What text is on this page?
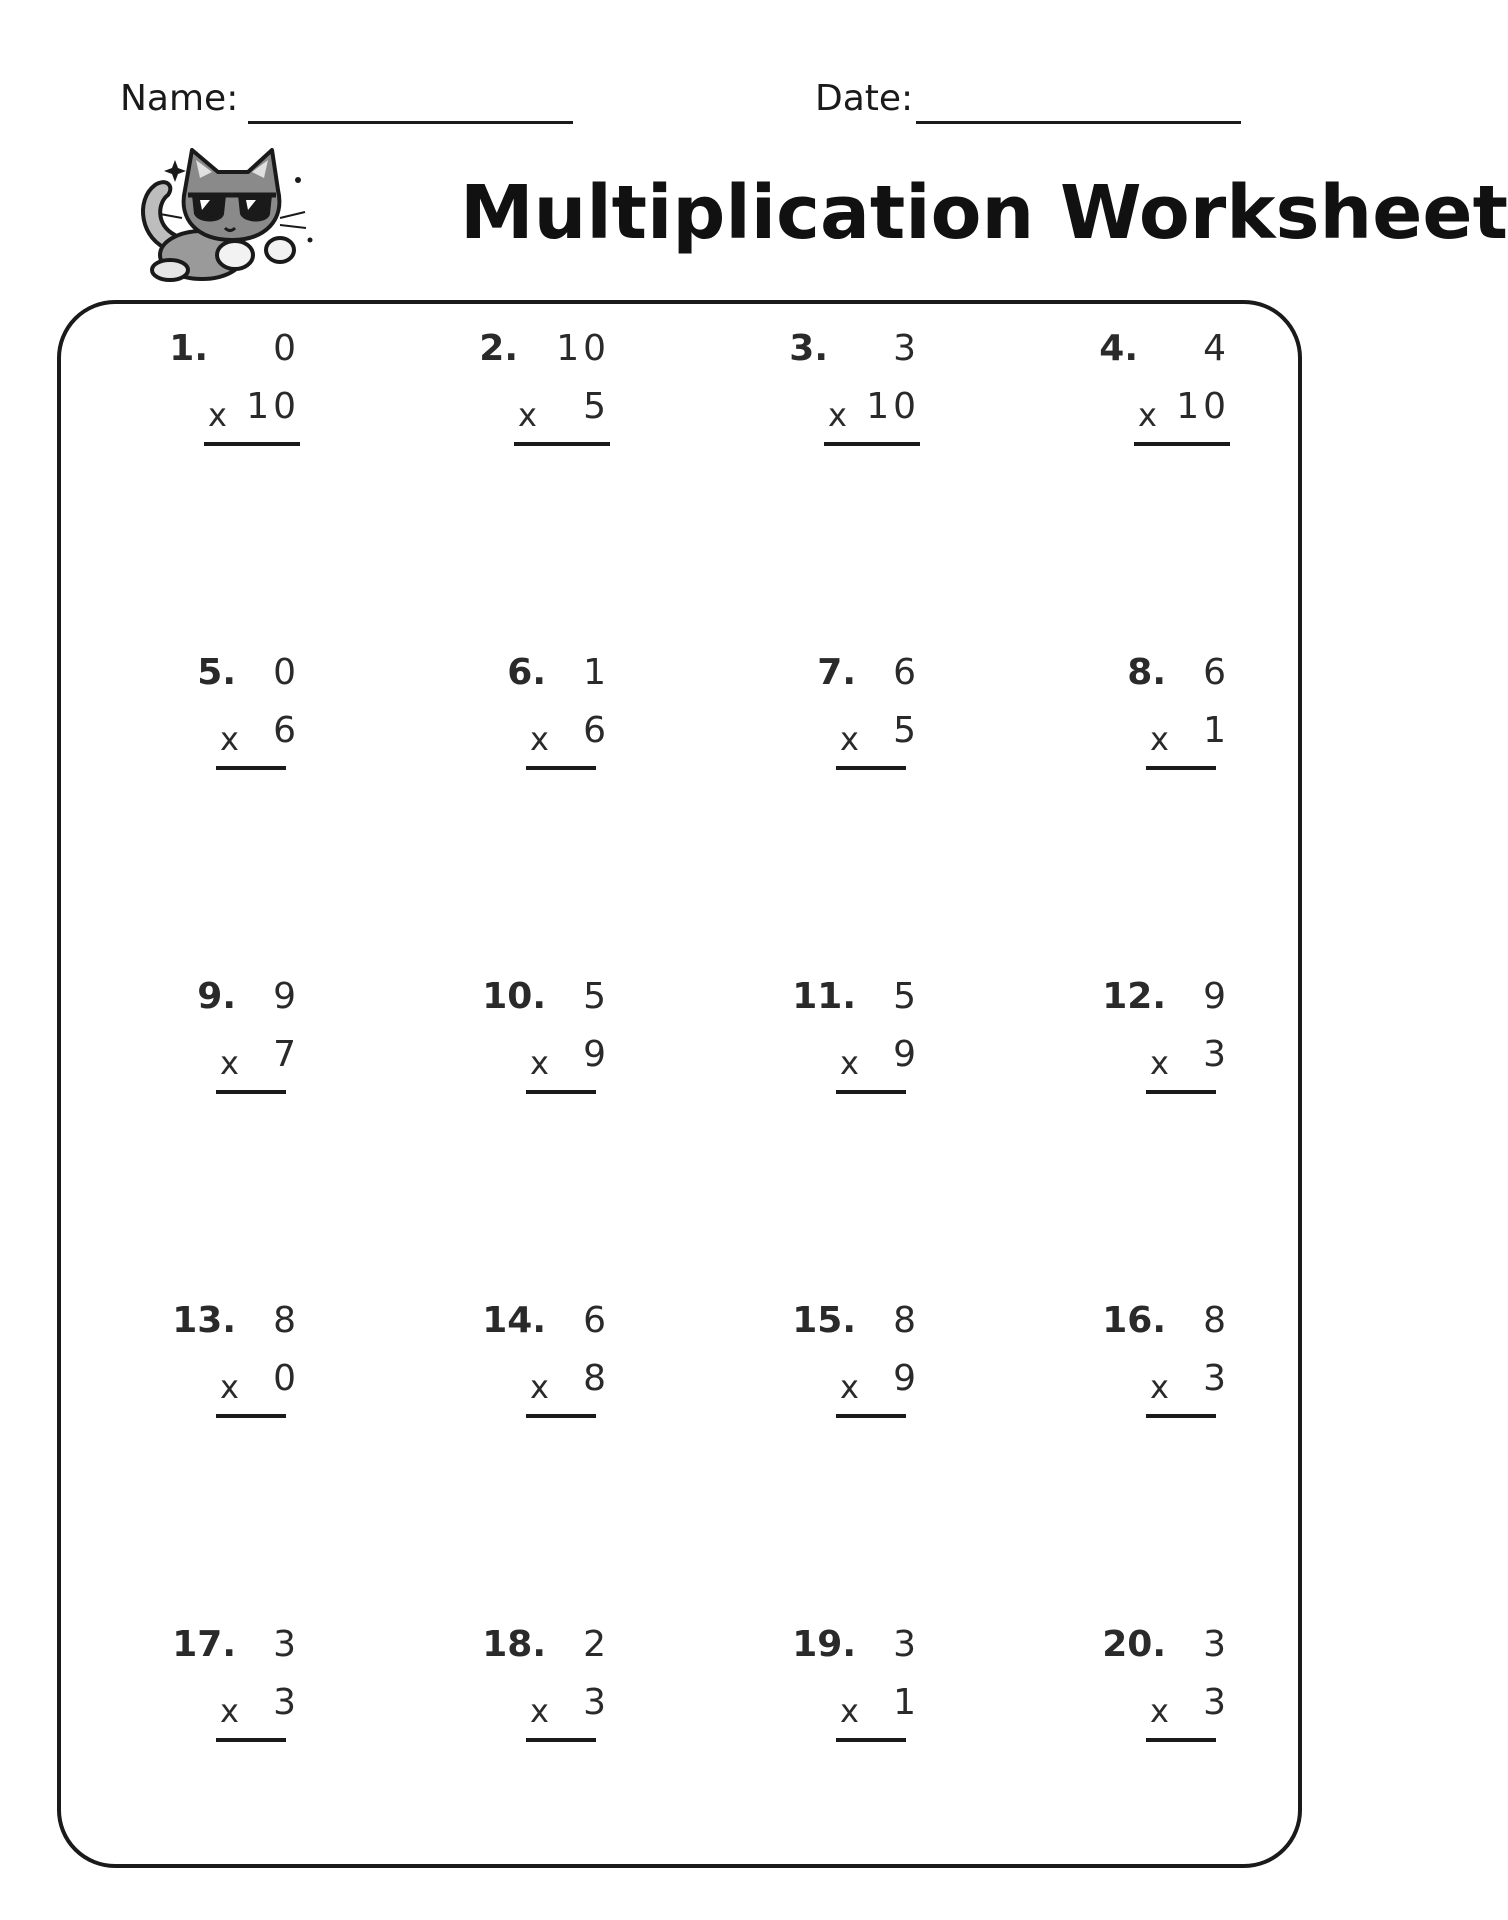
Name:	Date:
Multiplication Worksheet
1.	0
x 10
2.	10
x	5
3.	3
x 10
4.	4
x 10
5.	0
x 6
6.	1
x 6
7.	6
x 5
8.	6
x 1
9.	9
x 7
10.	5
x 9
11.	5
x 9
12.	9
x 3
13.	8
x 0
14.	6
x 8
15.	8
x 9
16.	8
x 3
17.	3
x 3
18.	2
x 3
19.	3
x 1
20.	3
x 3
